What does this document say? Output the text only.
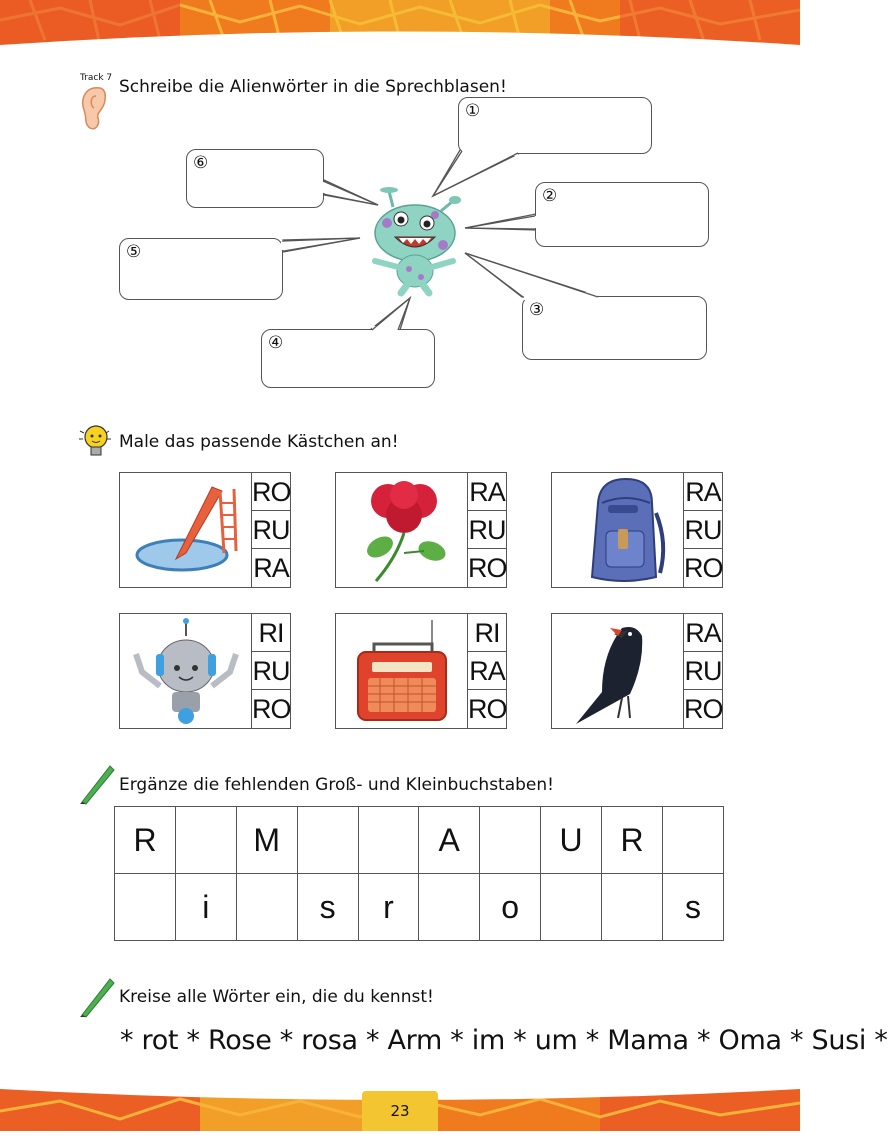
Track 7 Schreibe die Alienwörter in die Sprechblasen!
①
②
③
④
⑤
⑥
Male das passende Kästchen an!
RO
RU
RA
RA
RU
RO
RA
RU
RO
RI
RU
RO
RI
RA
RO
RA
RU
RO
Ergänze die fehlenden Groß- und Kleinbuchstaben!
R		M			A		U	R	
	i		s	r		o			s
Kreise alle Wörter ein, die du kennst!
* rot * Rose * rosa * Arm * im * um * Mama * Oma * Susi *
23
